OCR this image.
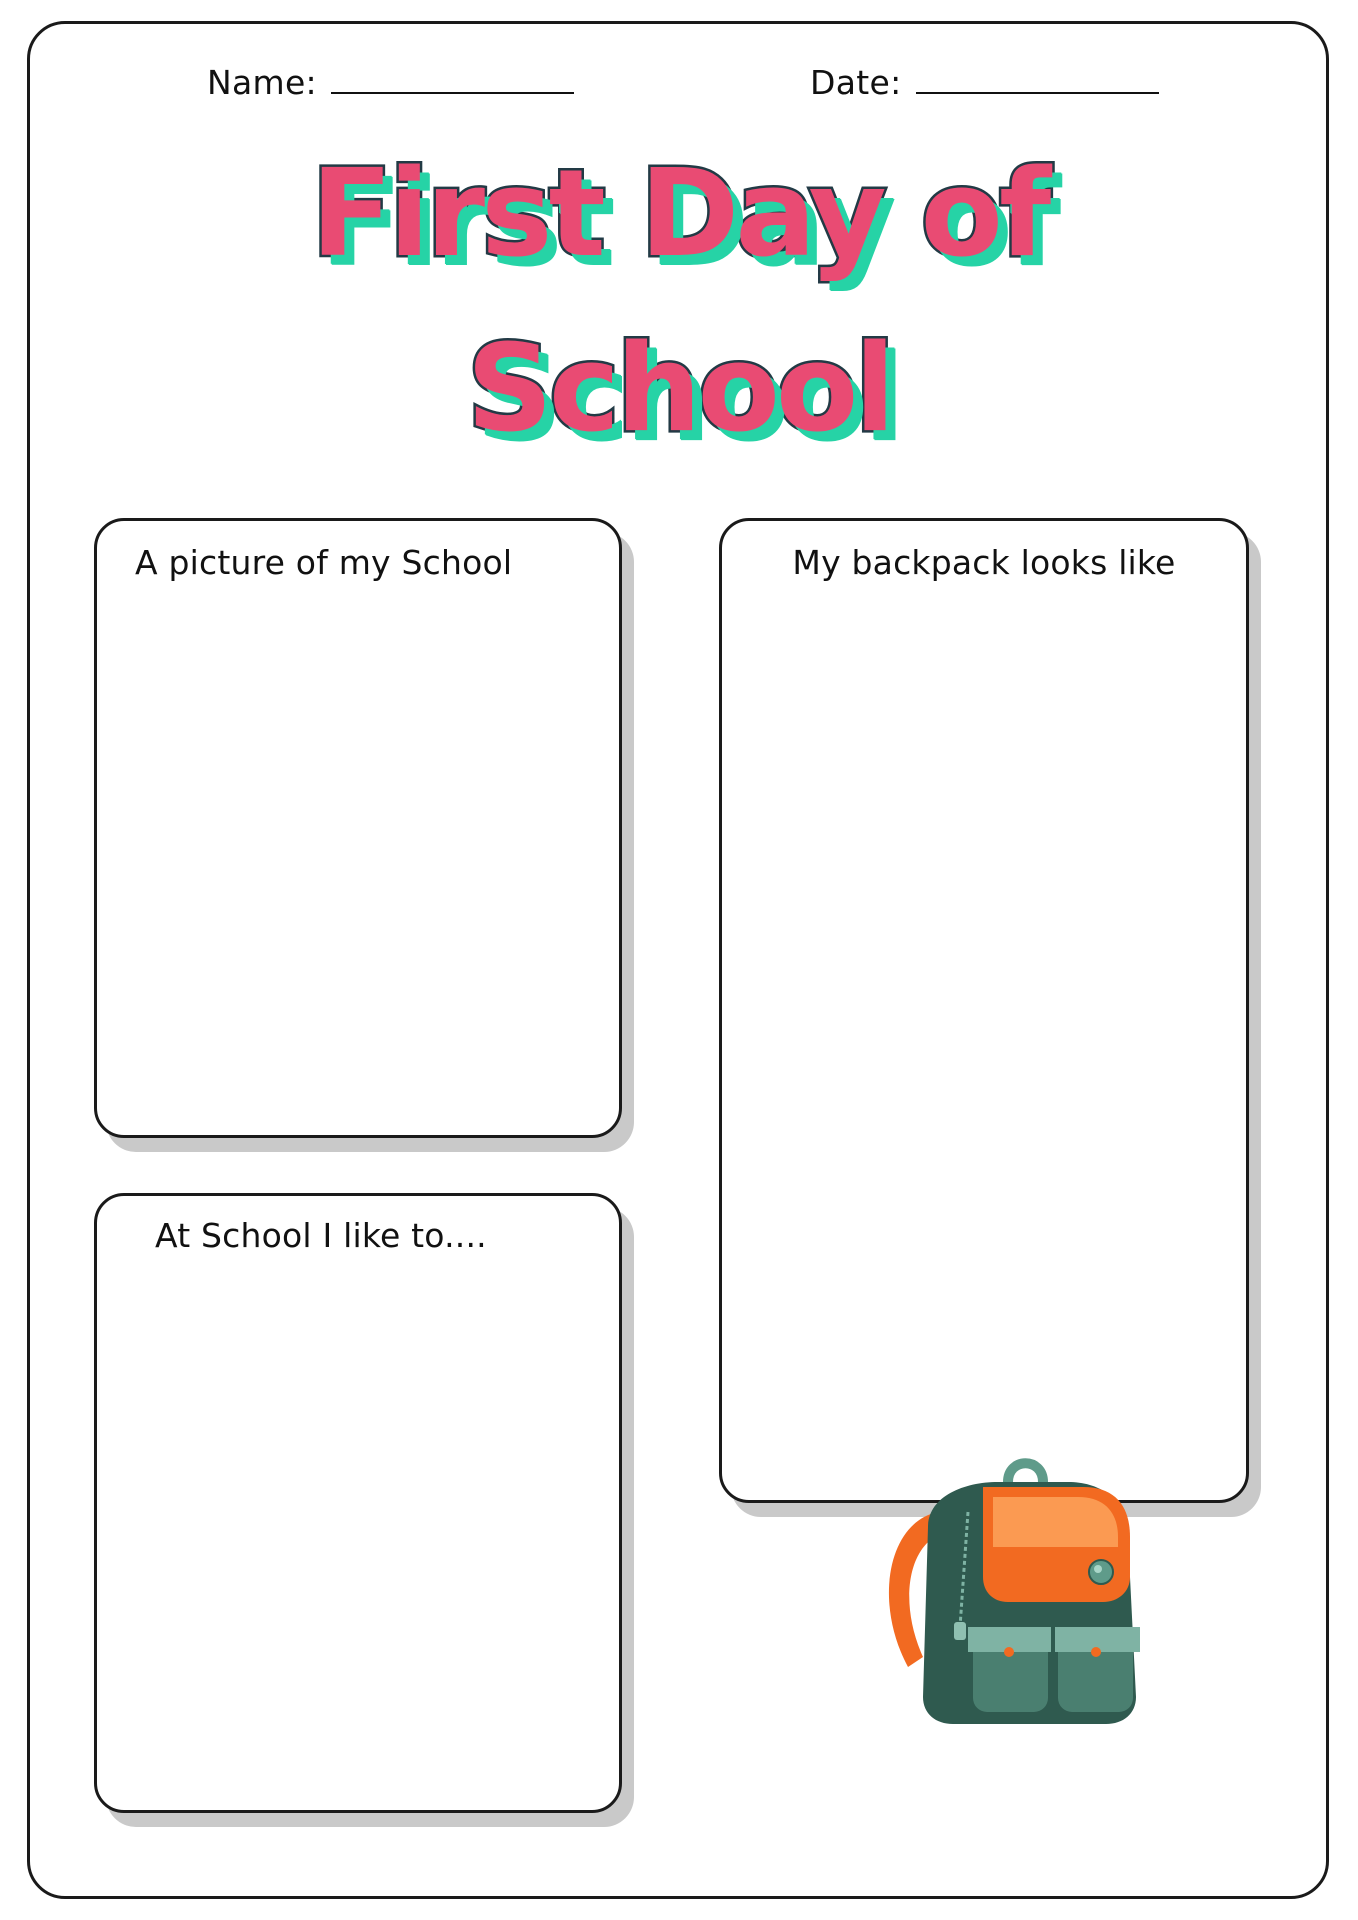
Name:	Date:
First Day of
School
A picture of my School
At School I like to....
My backpack looks like
